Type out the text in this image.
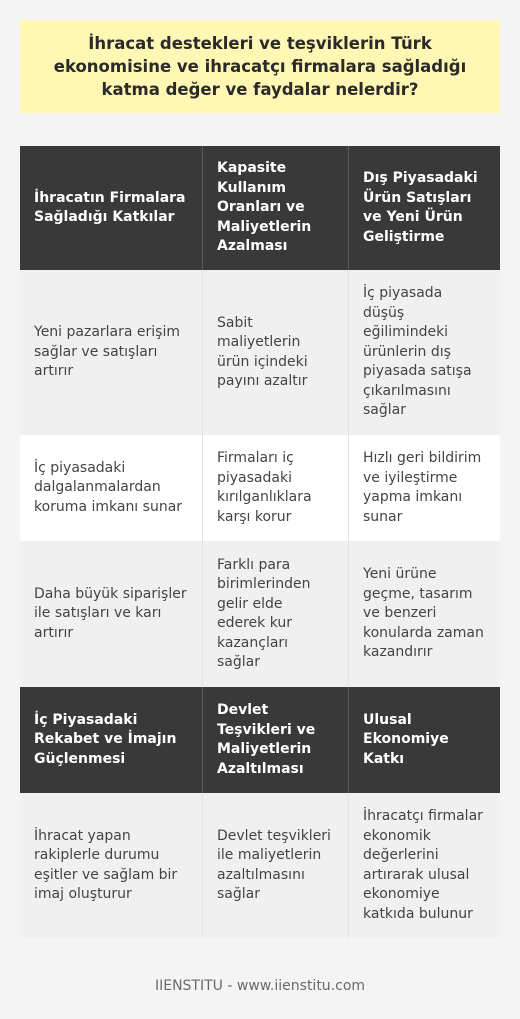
İhracat destekleri ve teşviklerin Türk ekonomisine ve ihracatçı firmalara sağladığı katma değer ve faydalar nelerdir?
İhracatın Firmalara Sağladığı Katkılar
Kapasite Kullanım Oranları ve Maliyetlerin Azalması
Dış Piyasadaki Ürün Satışları ve Yeni Ürün Geliştirme
Yeni pazarlara erişim sağlar ve satışları artırır
Sabit maliyetlerin ürün içindeki payını azaltır
İç piyasada düşüş eğilimindeki ürünlerin dış piyasada satışa çıkarılmasını sağlar
İç piyasadaki dalgalanmalardan koruma imkanı sunar
Firmaları iç piyasadaki kırılganlıklara karşı korur
Hızlı geri bildirim ve iyileştirme yapma imkanı sunar
Daha büyük siparişler ile satışları ve karı artırır
Farklı para birimlerinden gelir elde ederek kur kazançları sağlar
Yeni ürüne geçme, tasarım ve benzeri konularda zaman kazandırır
İç Piyasadaki Rekabet ve İmajın Güçlenmesi
Devlet Teşvikleri ve Maliyetlerin Azaltılması
Ulusal Ekonomiye Katkı
İhracat yapan rakiplerle durumu eşitler ve sağlam bir imaj oluşturur
Devlet teşvikleri ile maliyetlerin azaltılmasını sağlar
İhracatçı firmalar ekonomik değerlerini artırarak ulusal ekonomiye katkıda bulunur
IIENSTITU - www.iienstitu.com
